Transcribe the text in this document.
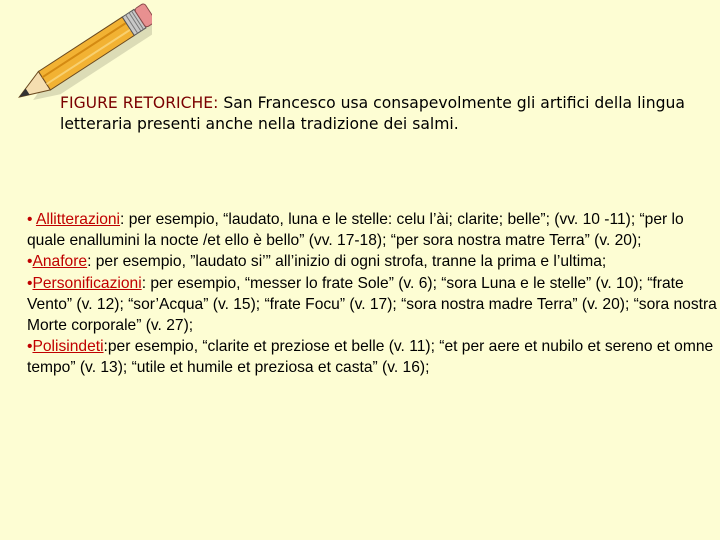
FIGURE RETORICHE: San Francesco usa consapevolmente gli artifici della lingua letteraria presenti anche nella tradizione dei salmi.

• Allitterazioni: per esempio, “laudato, luna e le stelle: celu l’ài; clarite; belle”; (vv. 10 -11); “per lo quale enallumini la nocte /et ello è bello” (vv. 17-18); “per sora nostra matre Terra” (v. 20);

•Anafore: per esempio, ”laudato si’” all’inizio di ogni strofa, tranne la prima e l’ultima;

•Personificazioni: per esempio, “messer lo frate Sole” (v. 6); “sora Luna e le stelle” (v. 10); “frate Vento” (v. 12); “sor’Acqua” (v. 15); “frate Focu” (v. 17); “sora nostra madre Terra” (v. 20); “sora nostra Morte corporale” (v. 27);

•Polisindeti:per esempio, “clarite et preziose et belle (v. 11); “et per aere et nubilo et sereno et omne tempo” (v. 13); “utile et humile et preziosa et casta” (v. 16);
